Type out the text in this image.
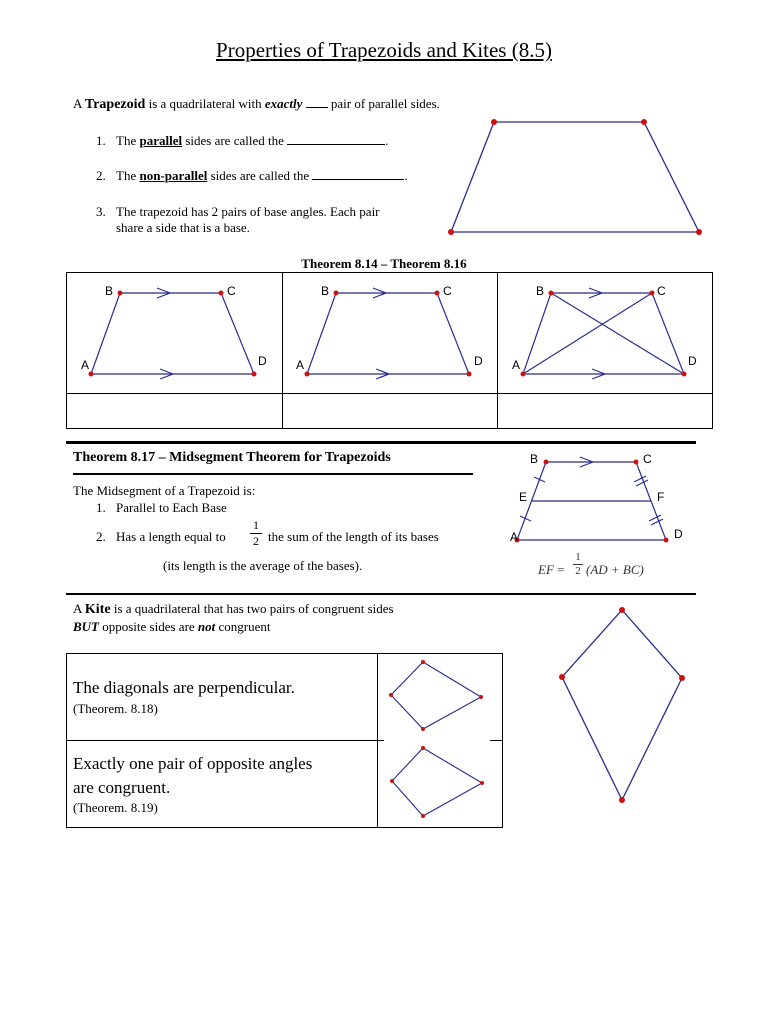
Properties of Trapezoids and Kites (8.5)
A Trapezoid is a quadrilateral with exactly  pair of parallel sides.
1. The parallel sides are called the	.
2. The non-parallel sides are called the	.
3. The trapezoid has 2 pairs of base angles. Each pair
share a side that is a base.
Theorem 8.14 – Theorem 8.16

B	C
A	D
B	C
A	D
B	C
A	D
Theorem 8.17 – Midsegment Theorem for Trapezoids
The Midsegment of a Trapezoid is:
1. Parallel to Each Base
2. Has a length equal to
1
2 the sum of the length of its bases
(its length is the average of the bases).
B	C
E	F
A	D
EF =
1
2 (AD + BC)
A Kite is a quadrilateral that has two pairs of congruent sides
BUT opposite sides are not congruent
The diagonals are perpendicular.
(Theorem. 8.18)
Exactly one pair of opposite angles
are congruent.
(Theorem. 8.19)
